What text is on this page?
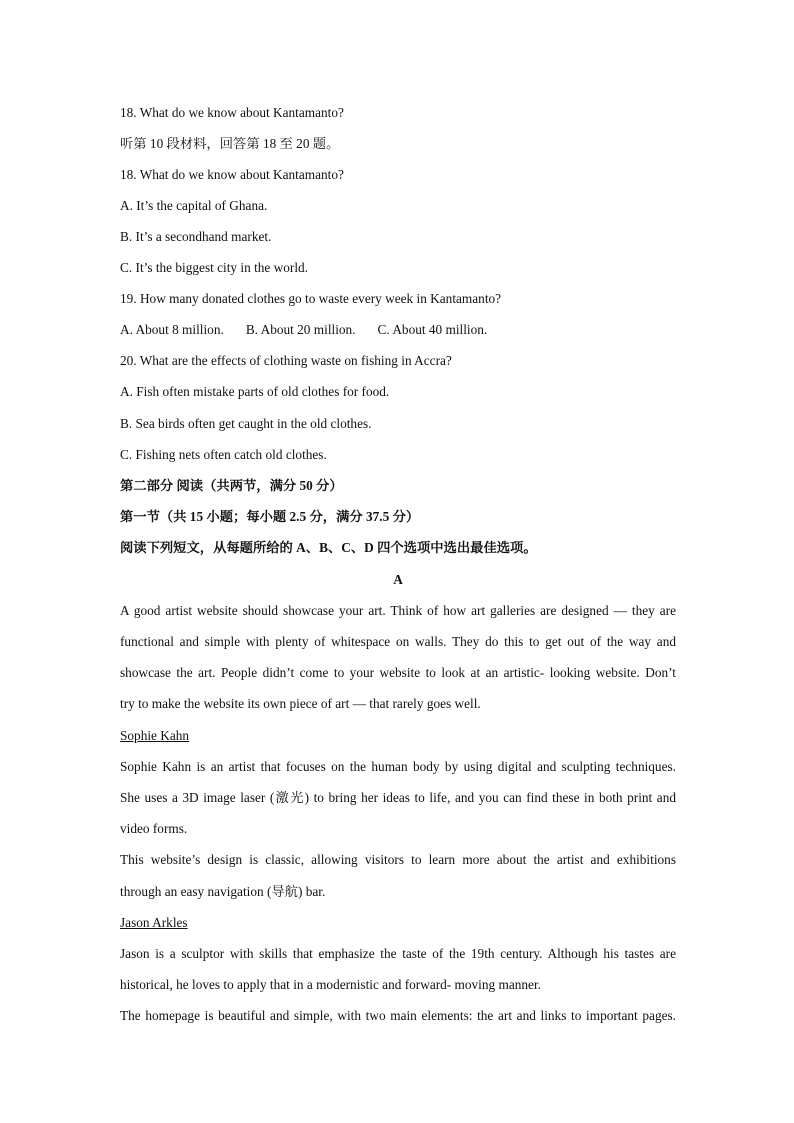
18. What do we know about Kantamanto?
听第 10 段材料，回答第 18 至 20 题。
18. What do we know about Kantamanto?
A. It’s the capital of Ghana.
B. It’s a secondhand market.
C. It’s the biggest city in the world.
19. How many donated clothes go to waste every week in Kantamanto?
A. About 8 million. B. About 20 million. C. About 40 million.
20. What are the effects of clothing waste on fishing in Accra?
A. Fish often mistake parts of old clothes for food.
B. Sea birds often get caught in the old clothes.
C. Fishing nets often catch old clothes.
第二部分 阅读（共两节，满分 50 分）
第一节（共 15 小题；每小题 2.5 分，满分 37.5 分）
阅读下列短文，从每题所给的 A、B、C、D 四个选项中选出最佳选项。
A
A good artist website should showcase your art. Think of how art galleries are designed — they are
functional and simple with plenty of whitespace on walls. They do this to get out of the way and
showcase the art. People didn’t come to your website to look at an artistic- looking website. Don’t
try to make the website its own piece of art — that rarely goes well.
Sophie Kahn
Sophie Kahn is an artist that focuses on the human body by using digital and sculpting techniques.
She uses a 3D image laser (激光) to bring her ideas to life, and you can find these in both print and
video forms.
This website’s design is classic, allowing visitors to learn more about the artist and exhibitions
through an easy navigation (导航) bar.
Jason Arkles
Jason is a sculptor with skills that emphasize the taste of the 19th century. Although his tastes are
historical, he loves to apply that in a modernistic and forward- moving manner.
The homepage is beautiful and simple, with two main elements: the art and links to important pages.
